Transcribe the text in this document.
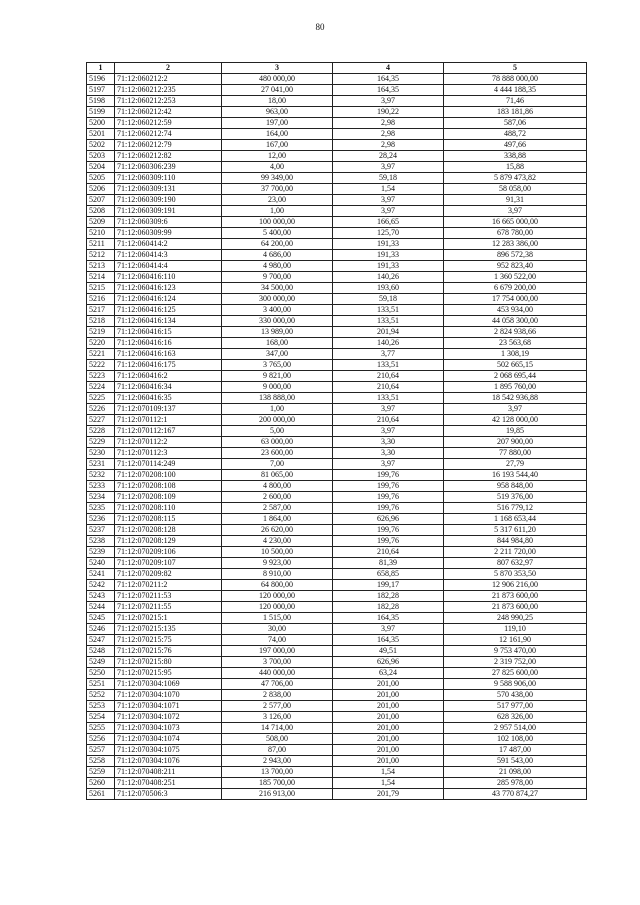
80
1	2	3	4	5
5196	71:12:060212:2	480 000,00	164,35	78 888 000,00
5197	71:12:060212:235	27 041,00	164,35	4 444 188,35
5198	71:12:060212:253	18,00	3,97	71,46
5199	71:12:060212:42	963,00	190,22	183 181,86
5200	71:12:060212:59	197,00	2,98	587,06
5201	71:12:060212:74	164,00	2,98	488,72
5202	71:12:060212:79	167,00	2,98	497,66
5203	71:12:060212:82	12,00	28,24	338,88
5204	71:12:060306:239	4,00	3,97	15,88
5205	71:12:060309:110	99 349,00	59,18	5 879 473,82
5206	71:12:060309:131	37 700,00	1,54	58 058,00
5207	71:12:060309:190	23,00	3,97	91,31
5208	71:12:060309:191	1,00	3,97	3,97
5209	71:12:060309:6	100 000,00	166,65	16 665 000,00
5210	71:12:060309:99	5 400,00	125,70	678 780,00
5211	71:12:060414:2	64 200,00	191,33	12 283 386,00
5212	71:12:060414:3	4 686,00	191,33	896 572,38
5213	71:12:060414:4	4 980,00	191,33	952 823,40
5214	71:12:060416:110	9 700,00	140,26	1 360 522,00
5215	71:12:060416:123	34 500,00	193,60	6 679 200,00
5216	71:12:060416:124	300 000,00	59,18	17 754 000,00
5217	71:12:060416:125	3 400,00	133,51	453 934,00
5218	71:12:060416:134	330 000,00	133,51	44 058 300,00
5219	71:12:060416:15	13 989,00	201,94	2 824 938,66
5220	71:12:060416:16	168,00	140,26	23 563,68
5221	71:12:060416:163	347,00	3,77	1 308,19
5222	71:12:060416:175	3 765,00	133,51	502 665,15
5223	71:12:060416:2	9 821,00	210,64	2 068 695,44
5224	71:12:060416:34	9 000,00	210,64	1 895 760,00
5225	71:12:060416:35	138 888,00	133,51	18 542 936,88
5226	71:12:070109:137	1,00	3,97	3,97
5227	71:12:070112:1	200 000,00	210,64	42 128 000,00
5228	71:12:070112:167	5,00	3,97	19,85
5229	71:12:070112:2	63 000,00	3,30	207 900,00
5230	71:12:070112:3	23 600,00	3,30	77 880,00
5231	71:12:070114:249	7,00	3,97	27,79
5232	71:12:070208:100	81 065,00	199,76	16 193 544,40
5233	71:12:070208:108	4 800,00	199,76	958 848,00
5234	71:12:070208:109	2 600,00	199,76	519 376,00
5235	71:12:070208:110	2 587,00	199,76	516 779,12
5236	71:12:070208:115	1 864,00	626,96	1 168 653,44
5237	71:12:070208:128	26 620,00	199,76	5 317 611,20
5238	71:12:070208:129	4 230,00	199,76	844 984,80
5239	71:12:070209:106	10 500,00	210,64	2 211 720,00
5240	71:12:070209:107	9 923,00	81,39	807 632,97
5241	71:12:070209:82	8 910,00	658,85	5 870 353,50
5242	71:12:070211:2	64 800,00	199,17	12 906 216,00
5243	71:12:070211:53	120 000,00	182,28	21 873 600,00
5244	71:12:070211:55	120 000,00	182,28	21 873 600,00
5245	71:12:070215:1	1 515,00	164,35	248 990,25
5246	71:12:070215:135	30,00	3,97	119,10
5247	71:12:070215:75	74,00	164,35	12 161,90
5248	71:12:070215:76	197 000,00	49,51	9 753 470,00
5249	71:12:070215:80	3 700,00	626,96	2 319 752,00
5250	71:12:070215:95	440 000,00	63,24	27 825 600,00
5251	71:12:070304:1069	47 706,00	201,00	9 588 906,00
5252	71:12:070304:1070	2 838,00	201,00	570 438,00
5253	71:12:070304:1071	2 577,00	201,00	517 977,00
5254	71:12:070304:1072	3 126,00	201,00	628 326,00
5255	71:12:070304:1073	14 714,00	201,00	2 957 514,00
5256	71:12:070304:1074	508,00	201,00	102 108,00
5257	71:12:070304:1075	87,00	201,00	17 487,00
5258	71:12:070304:1076	2 943,00	201,00	591 543,00
5259	71:12:070408:211	13 700,00	1,54	21 098,00
5260	71:12:070408:251	185 700,00	1,54	285 978,00
5261	71:12:070506:3	216 913,00	201,79	43 770 874,27
